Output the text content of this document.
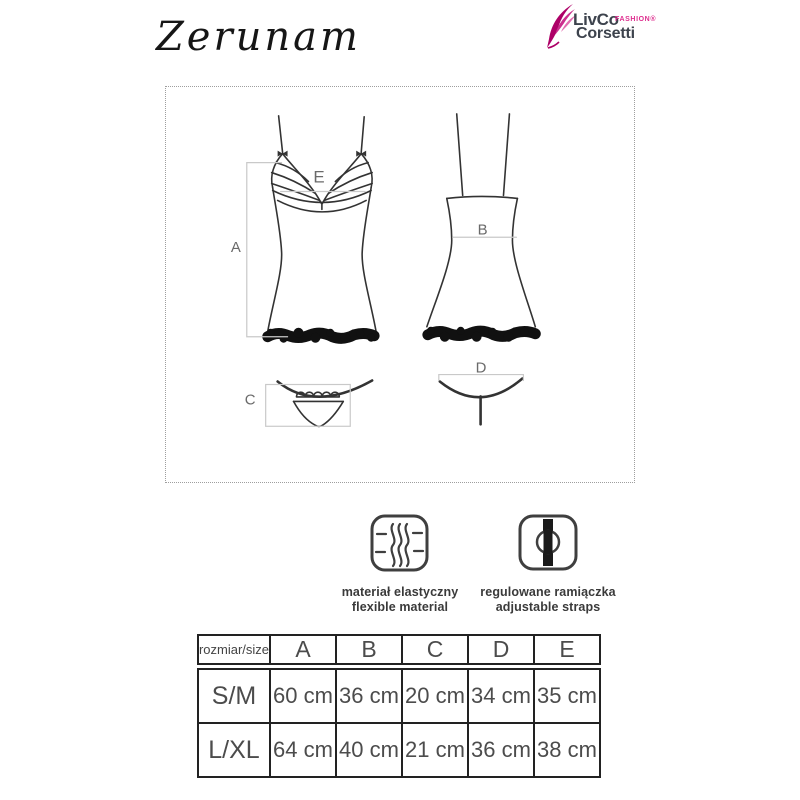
Zerunam	LivCo
FASHION®
Corsetti
A
B
C
D
E
materiał elastyczny
flexible material
regulowane ramiączka
adjustable straps
rozmiar/size	A	B	C	D	E
S/M 60 cm 36 cm 20 cm 34 cm 35 cm
L/XL 64 cm 40 cm 21 cm 36 cm 38 cm
